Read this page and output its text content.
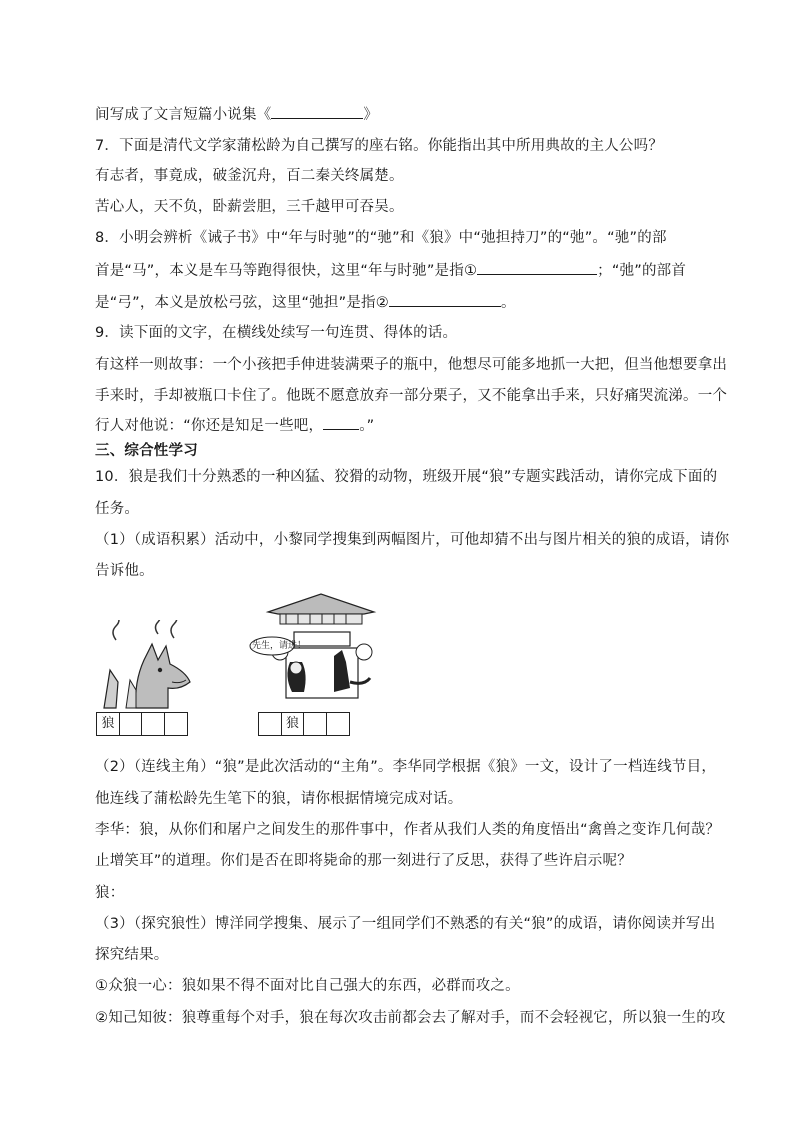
间写成了文言短篇小说集《	》
7．下面是清代文学家蒲松龄为自己撰写的座右铭。你能指出其中所用典故的主人公吗？
有志者，事竟成，破釜沉舟，百二秦关终属楚。
苦心人，天不负，卧薪尝胆，三千越甲可吞吴。
8．小明会辨析《诫子书》中“年与时驰”的“驰”和《狼》中“弛担持刀”的“弛”。“驰”的部
首是“马”，本义是车马等跑得很快，这里“年与时驰”是指①	；“弛”的部首
是“弓”，本义是放松弓弦，这里“弛担”是指②	。
9．读下面的文字，在横线处续写一句连贯、得体的话。
有这样一则故事：一个小孩把手伸进装满栗子的瓶中，他想尽可能多地抓一大把，但当他想要拿出
手来时，手却被瓶口卡住了。他既不愿意放弃一部分栗子，又不能拿出手来，只好痛哭流涕。一个
行人对他说：“你还是知足一些吧， 。”
三、综合性学习
10．狼是我们十分熟悉的一种凶猛、狡猾的动物，班级开展“狼”专题实践活动，请你完成下面的
任务。
（1）（成语积累）活动中，小黎同学搜集到两幅图片，可他却猜不出与图片相关的狼的成语，请你
告诉他。
狼
先生，请进！
狼
（2）（连线主角）“狼”是此次活动的“主角”。李华同学根据《狼》一文，设计了一档连线节目，
他连线了蒲松龄先生笔下的狼，请你根据情境完成对话。
李华：狼，从你们和屠户之间发生的那件事中，作者从我们人类的角度悟出“禽兽之变诈几何哉？
止增笑耳”的道理。你们是否在即将毙命的那一刻进行了反思，获得了些许启示呢？
狼：
（3）（探究狼性）博洋同学搜集、展示了一组同学们不熟悉的有关“狼”的成语，请你阅读并写出
探究结果。
①众狼一心：狼如果不得不面对比自己强大的东西，必群而攻之。
②知己知彼：狼尊重每个对手，狼在每次攻击前都会去了解对手，而不会轻视它，所以狼一生的攻
